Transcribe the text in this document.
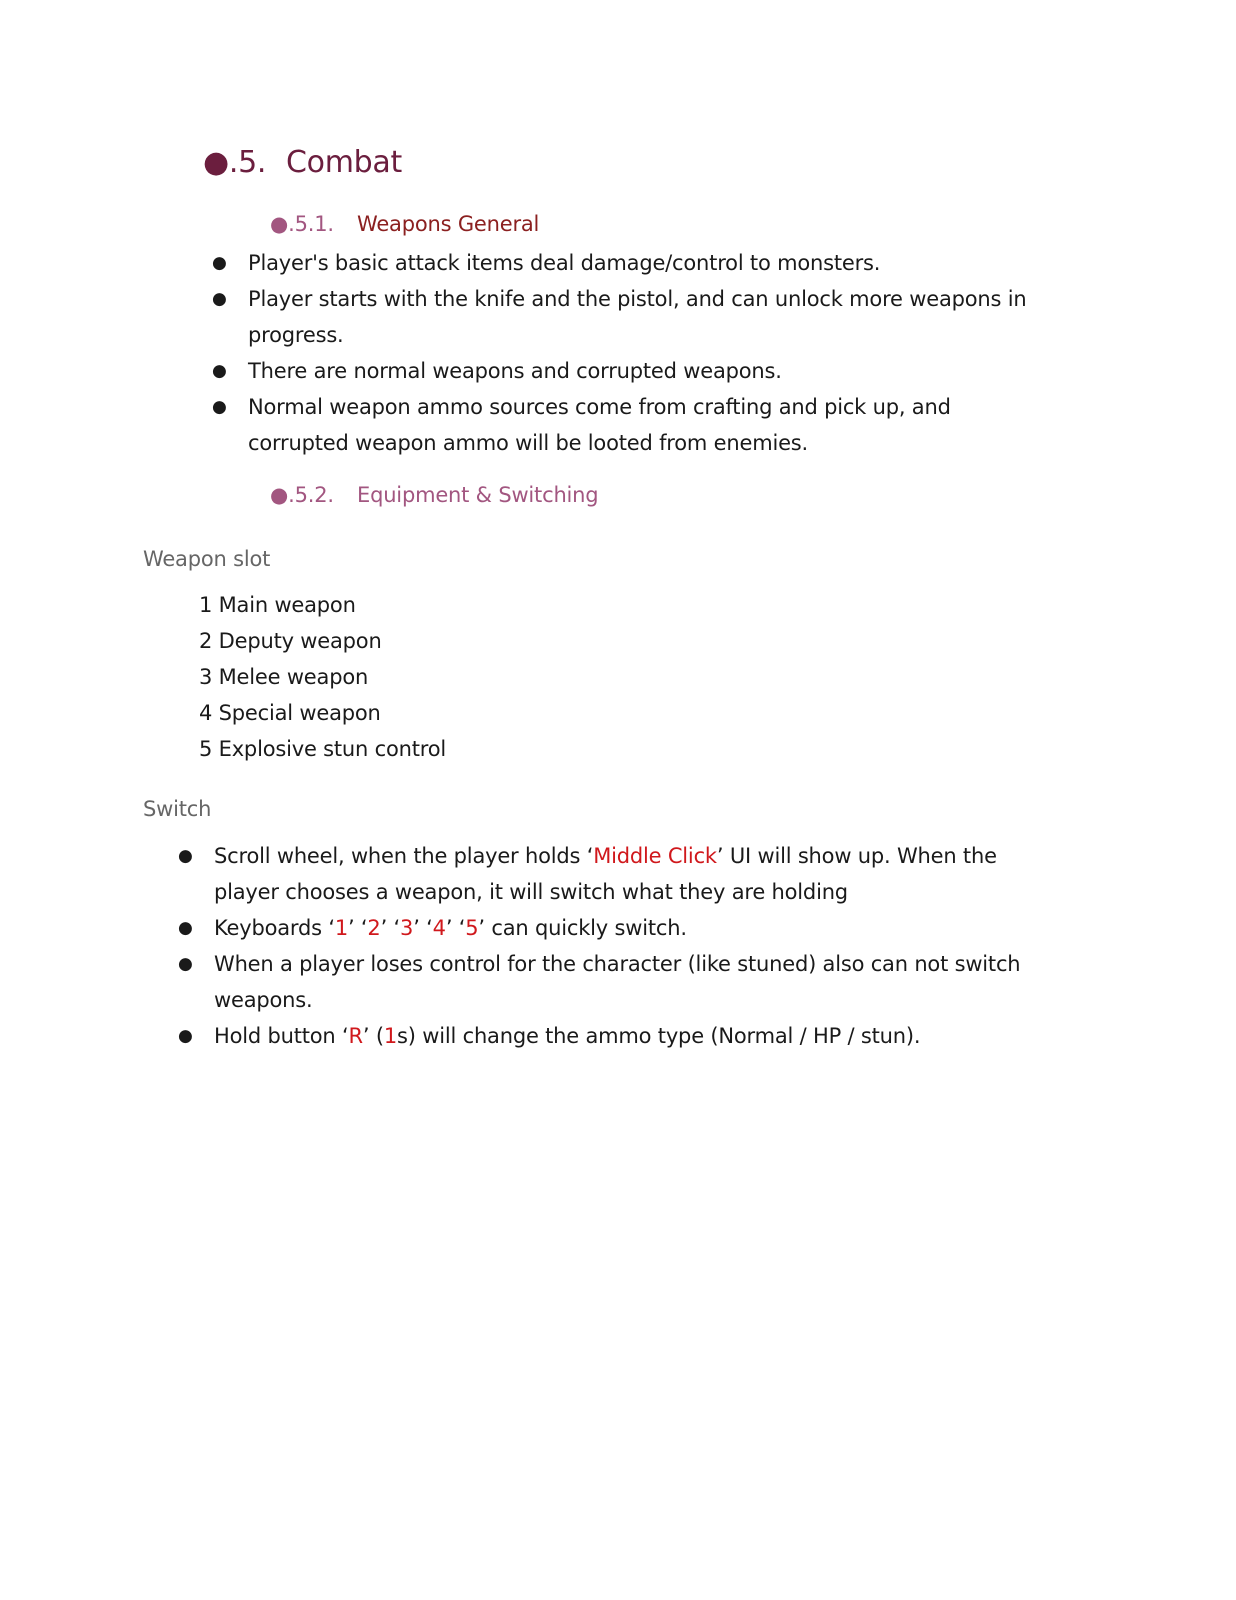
●.5. Combat
●.5.1. Weapons General
● Player's basic attack items deal damage/control to monsters.
● Player starts with the knife and the pistol, and can unlock more weapons in progress.
● There are normal weapons and corrupted weapons.
● Normal weapon ammo sources come from crafting and pick up, and corrupted weapon ammo will be looted from enemies.
●.5.2. Equipment & Switching
Weapon slot
1 Main weapon
2 Deputy weapon
3 Melee weapon
4 Special weapon
5 Explosive stun control
Switch
● Scroll wheel, when the player holds ‘Middle Click’ UI will show up. When the player chooses a weapon, it will switch what they are holding
● Keyboards ‘1’ ‘2’ ‘3’ ‘4’ ‘5’ can quickly switch.
● When a player loses control for the character (like stuned) also can not switch weapons.
● Hold button ‘R’ (1s) will change the ammo type (Normal / HP / stun).
